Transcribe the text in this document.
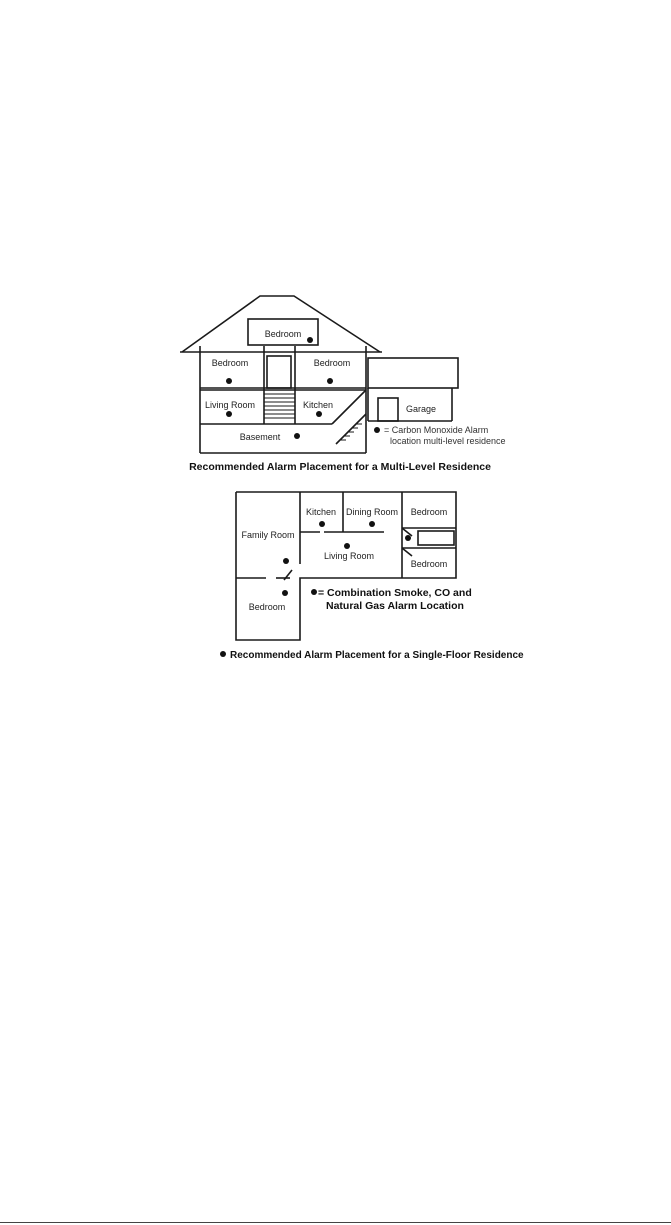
Bedroom
Bedroom	Bedroom
Living Room	Kitchen
Basement
Garage
= Carbon Monoxide Alarm
location multi-level residence
Recommended Alarm Placement for a Multi-Level Residence
Kitchen Dining Room Bedroom
Family Room
Living Room
Bedroom
Bedroom
= Combination Smoke, CO and
Natural Gas Alarm Location
Recommended Alarm Placement for a Single-Floor Residence
